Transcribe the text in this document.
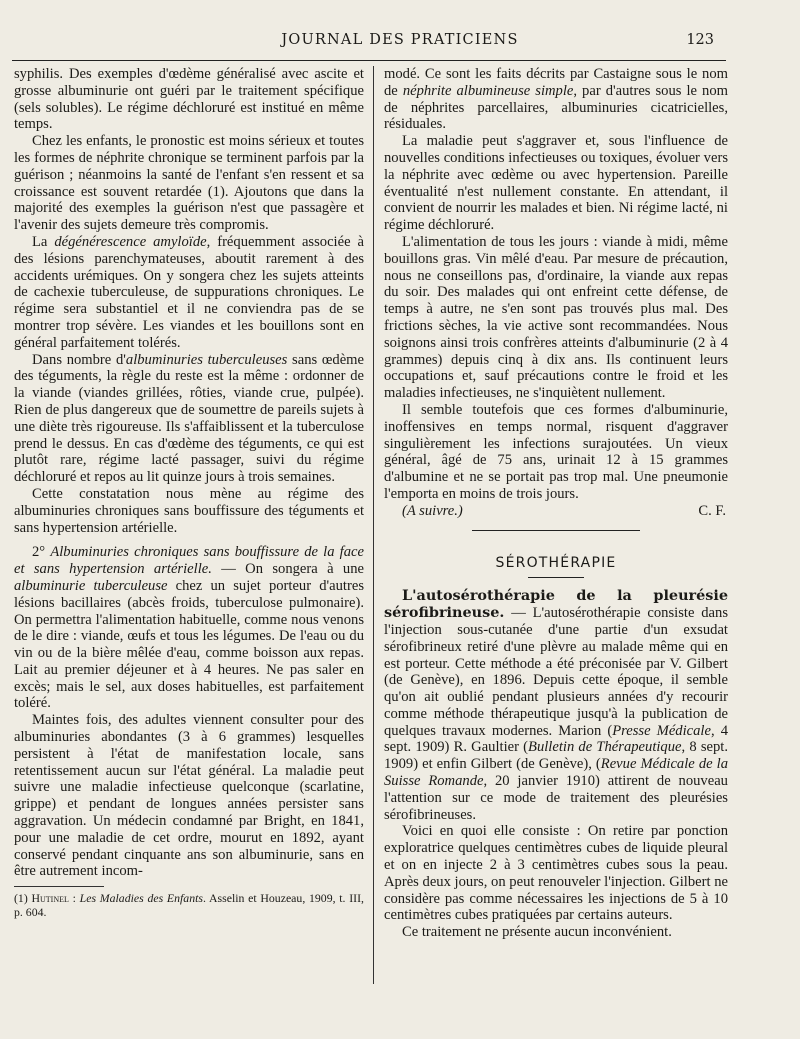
JOURNAL DES PRATICIENS	123

syphilis. Des exemples d'œdème généralisé avec ascite et grosse albuminurie ont guéri par le traitement spécifique (sels solubles). Le régime déchloruré est institué en même temps.

Chez les enfants, le pronostic est moins sérieux et toutes les formes de néphrite chronique se terminent parfois par la guérison ; néanmoins la santé de l'enfant s'en ressent et sa croissance est souvent retardée (1). Ajoutons que dans la majorité des exemples la guérison n'est que passagère et l'avenir des sujets demeure très compromis.

La dégénérescence amyloïde, fréquemment associée à des lésions parenchymateuses, aboutit rarement à des accidents urémiques. On y songera chez les sujets atteints de cachexie tuberculeuse, de suppurations chroniques. Le régime sera substantiel et il ne conviendra pas de se montrer trop sévère. Les viandes et les bouillons sont en général parfaitement tolérés.

Dans nombre d'albuminuries tuberculeuses sans œdème des téguments, la règle du reste est la même : ordonner de la viande (viandes grillées, rôties, viande crue, pulpée). Rien de plus dangereux que de soumettre de pareils sujets à une diète très rigoureuse. Ils s'affaiblissent et la tuberculose prend le dessus. En cas d'œdème des téguments, ce qui est plutôt rare, régime lacté passager, suivi du régime déchloruré et repos au lit quinze jours à trois semaines.

Cette constatation nous mène au régime des albuminuries chroniques sans bouffissure des téguments et sans hypertension artérielle.

2° Albuminuries chroniques sans bouffissure de la face et sans hypertension artérielle. — On songera à une albuminurie tuberculeuse chez un sujet porteur d'autres lésions bacillaires (abcès froids, tuberculose pulmonaire). On permettra l'alimentation habituelle, comme nous venons de le dire : viande, œufs et tous les légumes. De l'eau ou du vin ou de la bière mêlée d'eau, comme boisson aux repas. Lait au premier déjeuner et à 4 heures. Ne pas saler en excès; mais le sel, aux doses habituelles, est parfaitement toléré.

Maintes fois, des adultes viennent consulter pour des albuminuries abondantes (3 à 6 grammes) lesquelles persistent à l'état de manifestation locale, sans retentissement aucun sur l'état général. La maladie peut suivre une maladie infectieuse quelconque (scarlatine, grippe) et pendant de longues années persister sans aggravation. Un médecin condamné par Bright, en 1841, pour une maladie de cet ordre, mourut en 1892, ayant conservé pendant cinquante ans son albuminurie, sans en être autrement incom-

(1) Hutinel : Les Maladies des Enfants. Asselin et Houzeau, 1909, t. III, p. 604.

modé. Ce sont les faits décrits par Castaigne sous le nom de néphrite albumineuse simple, par d'autres sous le nom de néphrites parcellaires, albuminuries cicatricielles, résiduales.

La maladie peut s'aggraver et, sous l'influence de nouvelles conditions infectieuses ou toxiques, évoluer vers la néphrite avec œdème ou avec hypertension. Pareille éventualité n'est nullement constante. En attendant, il convient de nourrir les malades et bien. Ni régime lacté, ni régime déchloruré.

L'alimentation de tous les jours : viande à midi, même bouillons gras. Vin mêlé d'eau. Par mesure de précaution, nous ne conseillons pas, d'ordinaire, la viande aux repas du soir. Des malades qui ont enfreint cette défense, de temps à autre, ne s'en sont pas trouvés plus mal. Des frictions sèches, la vie active sont recommandées. Nous soignons ainsi trois confrères atteints d'albuminurie (2 à 4 grammes) depuis cinq à dix ans. Ils continuent leurs occupations et, sauf précautions contre le froid et les maladies infectieuses, ne s'inquiètent nullement.

Il semble toutefois que ces formes d'albuminurie, inoffensives en temps normal, risquent d'aggraver singulièrement les infections surajoutées. Un vieux général, âgé de 75 ans, urinait 12 à 15 grammes d'albumine et ne se portait pas trop mal. Une pneumonie l'emporta en moins de trois jours.

(A suivre.)	C. F.
SÉROTHÉRAPIE

L'autosérothérapie de la pleurésie sérofibrineuse. — L'autosérothérapie consiste dans l'injection sous-cutanée d'une partie d'un exsudat sérofibrineux retiré d'une plèvre au malade même qui en est porteur. Cette méthode a été préconisée par V. Gilbert (de Genève), en 1896. Depuis cette époque, il semble qu'on ait oublié pendant plusieurs années d'y recourir comme méthode thérapeutique jusqu'à la publication de quelques travaux modernes. Marion (Presse Médicale, 4 sept. 1909) R. Gaultier (Bulletin de Thérapeutique, 8 sept. 1909) et enfin Gilbert (de Genève), (Revue Médicale de la Suisse Romande, 20 janvier 1910) attirent de nouveau l'attention sur ce mode de traitement des pleurésies sérofibrineuses.

Voici en quoi elle consiste : On retire par ponction exploratrice quelques centimètres cubes de liquide pleural et on en injecte 2 à 3 centimètres cubes sous la peau. Après deux jours, on peut renouveler l'injection. Gilbert ne considère pas comme nécessaires les injections de 5 à 10 centimètres cubes pratiquées par certains auteurs.

Ce traitement ne présente aucun inconvénient.
